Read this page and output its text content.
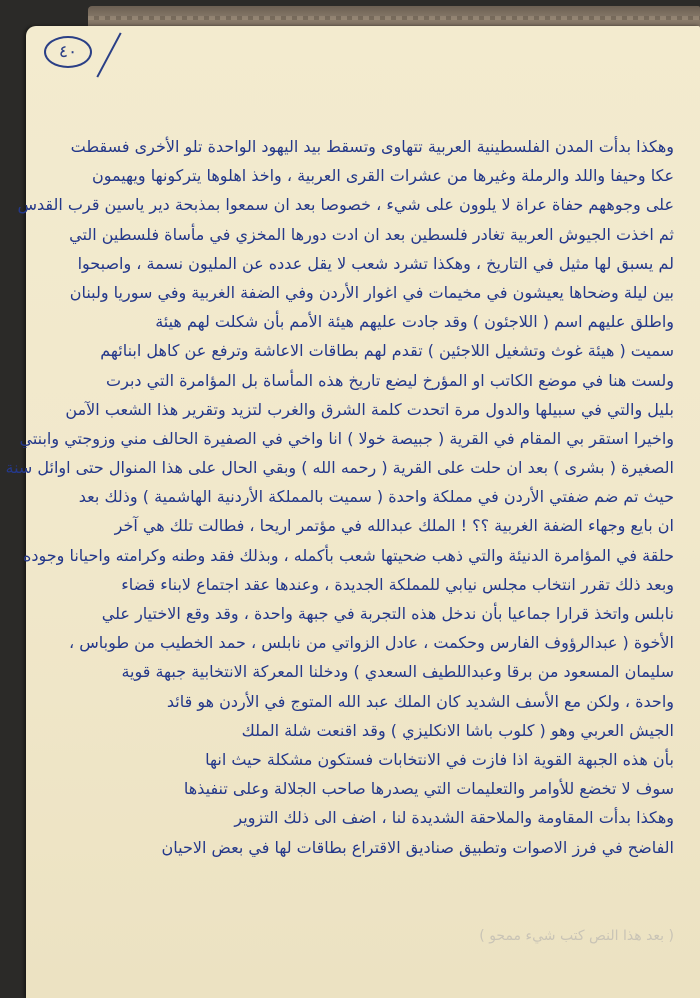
٤٠
وهكذا بدأت المدن الفلسطينية العربية تتهاوى وتسقط بيد اليهود الواحدة تلو الأخرى فسقطت
عكا وحيفا واللد والرملة وغيرها من عشرات القرى العربية ، واخذ اهلوها يتركونها ويهيمون
على وجوههم حفاة عراة لا يلوون على شيء ، خصوصا بعد ان سمعوا بمذبحة دير ياسين قرب القدس
ثم اخذت الجيوش العربية تغادر فلسطين بعد ان ادت دورها المخزي في مأساة فلسطين التي
لم يسبق لها مثيل في التاريخ ، وهكذا تشرد شعب لا يقل عدده عن المليون نسمة ، واصبحوا
بين ليلة وضحاها يعيشون في مخيمات في اغوار الأردن وفي الضفة الغربية وفي سوريا ولبنان
واطلق عليهم اسم ( اللاجئون ) وقد جادت عليهم هيئة الأمم بأن شكلت لهم هيئة
سميت ( هيئة غوث وتشغيل اللاجئين ) تقدم لهم بطاقات الاعاشة وترفع عن كاهل ابنائهم
ولست هنا في موضع الكاتب او المؤرخ ليضع تاريخ هذه المأساة بل المؤامرة التي دبرت
بليل والتي في سبيلها والدول مرة اتحدت كلمة الشرق والغرب لتزيد وتقرير هذا الشعب الآمن
واخيرا استقر بي المقام في القرية ( جبيصة خولا ) انا واخي في الصفيرة الحالف مني وزوجتي وابنتي
الصغيرة ( بشرى ) بعد ان حلت على القرية ( رحمه الله ) وبقي الحال على هذا المنوال حتى اوائل سنة
حيث تم ضم ضفتي الأردن في مملكة واحدة ( سميت بالمملكة الأردنية الهاشمية ) وذلك بعد
ان بايع وجهاء الضفة الغربية ؟؟ ! الملك عبدالله في مؤتمر اريحا ، فطالت تلك هي آخر
حلقة في المؤامرة الدنيئة والتي ذهب ضحيتها شعب بأكمله ، وبذلك فقد وطنه وكرامته واحيانا وجوده
وبعد ذلك تقرر انتخاب مجلس نيابي للمملكة الجديدة ، وعندها عقد اجتماع لابناء قضاء
نابلس واتخذ قرارا جماعيا بأن ندخل هذه التجربة في جبهة واحدة ، وقد وقع الاختيار علي
الأخوة ( عبدالرؤوف الفارس وحكمت ، عادل الزواتي من نابلس ، حمد الخطيب من طوباس ،
سليمان المسعود من برقا وعبداللطيف السعدي ) ودخلنا المعركة الانتخابية جبهة قوية
واحدة ، ولكن مع الأسف الشديد كان الملك عبد الله المتوج في الأردن هو قائد
الجيش العربي وهو ( كلوب باشا الانكليزي ) وقد اقنعت شلة الملك
بأن هذه الجبهة القوية اذا فازت في الانتخابات فستكون مشكلة حيث انها
سوف لا تخضع للأوامر والتعليمات التي يصدرها صاحب الجلالة وعلى تنفيذها
وهكذا بدأت المقاومة والملاحقة الشديدة لنا ، اضف الى ذلك التزوير
الفاضح في فرز الاصوات وتطبيق صناديق الاقتراع بطاقات لها في بعض الاحيان
( بعد هذا النص كتب شيء ممحو )
